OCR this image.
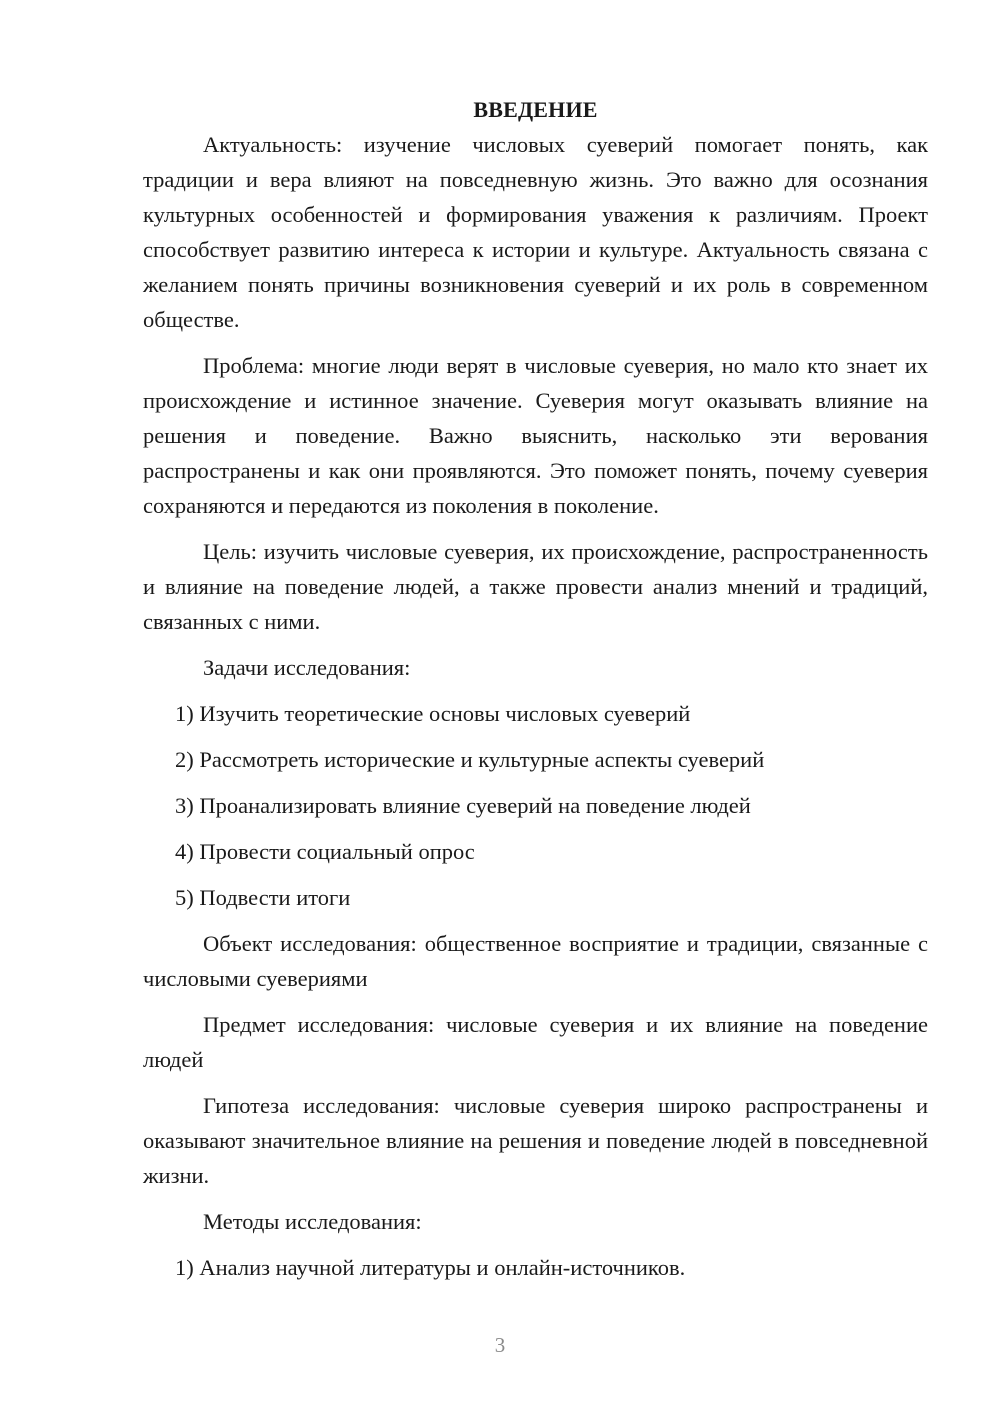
ВВЕДЕНИЕ

Актуальность: изучение числовых суеверий помогает понять, как традиции и вера влияют на повседневную жизнь. Это важно для осознания культурных особенностей и формирования уважения к различиям. Проект способствует развитию интереса к истории и культуре. Актуальность связана с желанием понять причины возникновения суеверий и их роль в современном обществе.

Проблема: многие люди верят в числовые суеверия, но мало кто знает их происхождение и истинное значение. Суеверия могут оказывать влияние на решения и поведение. Важно выяснить, насколько эти верования распространены и как они проявляются. Это поможет понять, почему суеверия сохраняются и передаются из поколения в поколение.

Цель: изучить числовые суеверия, их происхождение, распространенность и влияние на поведение людей, а также провести анализ мнений и традиций, связанных с ними.

Задачи исследования:

1) Изучить теоретические основы числовых суеверий

2) Рассмотреть исторические и культурные аспекты суеверий

3) Проанализировать влияние суеверий на поведение людей

4) Провести социальный опрос

5) Подвести итоги

Объект исследования: общественное восприятие и традиции, связанные с числовыми суевериями

Предмет исследования: числовые суеверия и их влияние на поведение людей

Гипотеза исследования: числовые суеверия широко распространены и оказывают значительное влияние на решения и поведение людей в повседневной жизни.

Методы исследования:

1) Анализ научной литературы и онлайн-источников.

3
